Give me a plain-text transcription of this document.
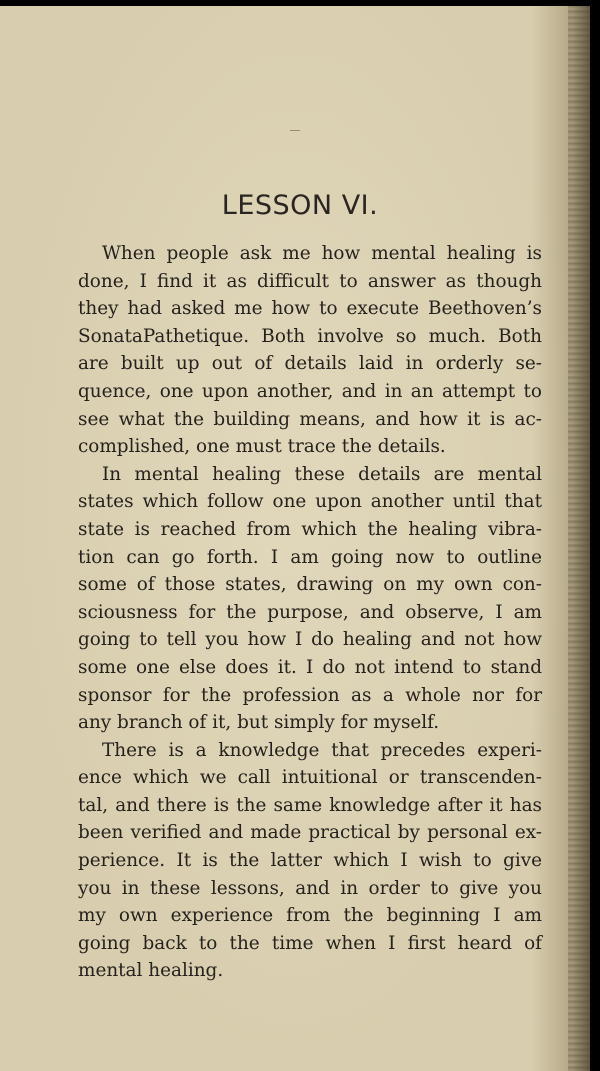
LESSON VI.
When people ask me how mental healing is
done, I find it as difficult to answer as though
they had asked me how to execute Beethoven’s
SonataPathetique. Both involve so much. Both
are built up out of details laid in orderly se-
quence, one upon another, and in an attempt to
see what the building means, and how it is ac-
complished, one must trace the details.
In mental healing these details are mental
states which follow one upon another until that
state is reached from which the healing vibra-
tion can go forth. I am going now to outline
some of those states, drawing on my own con-
sciousness for the purpose, and observe, I am
going to tell you how I do healing and not how
some one else does it. I do not intend to stand
sponsor for the profession as a whole nor for
any branch of it, but simply for myself.
There is a knowledge that precedes experi-
ence which we call intuitional or transcenden-
tal, and there is the same knowledge after it has
been verified and made practical by personal ex-
perience. It is the latter which I wish to give
you in these lessons, and in order to give you
my own experience from the beginning I am
going back to the time when I first heard of
mental healing.
